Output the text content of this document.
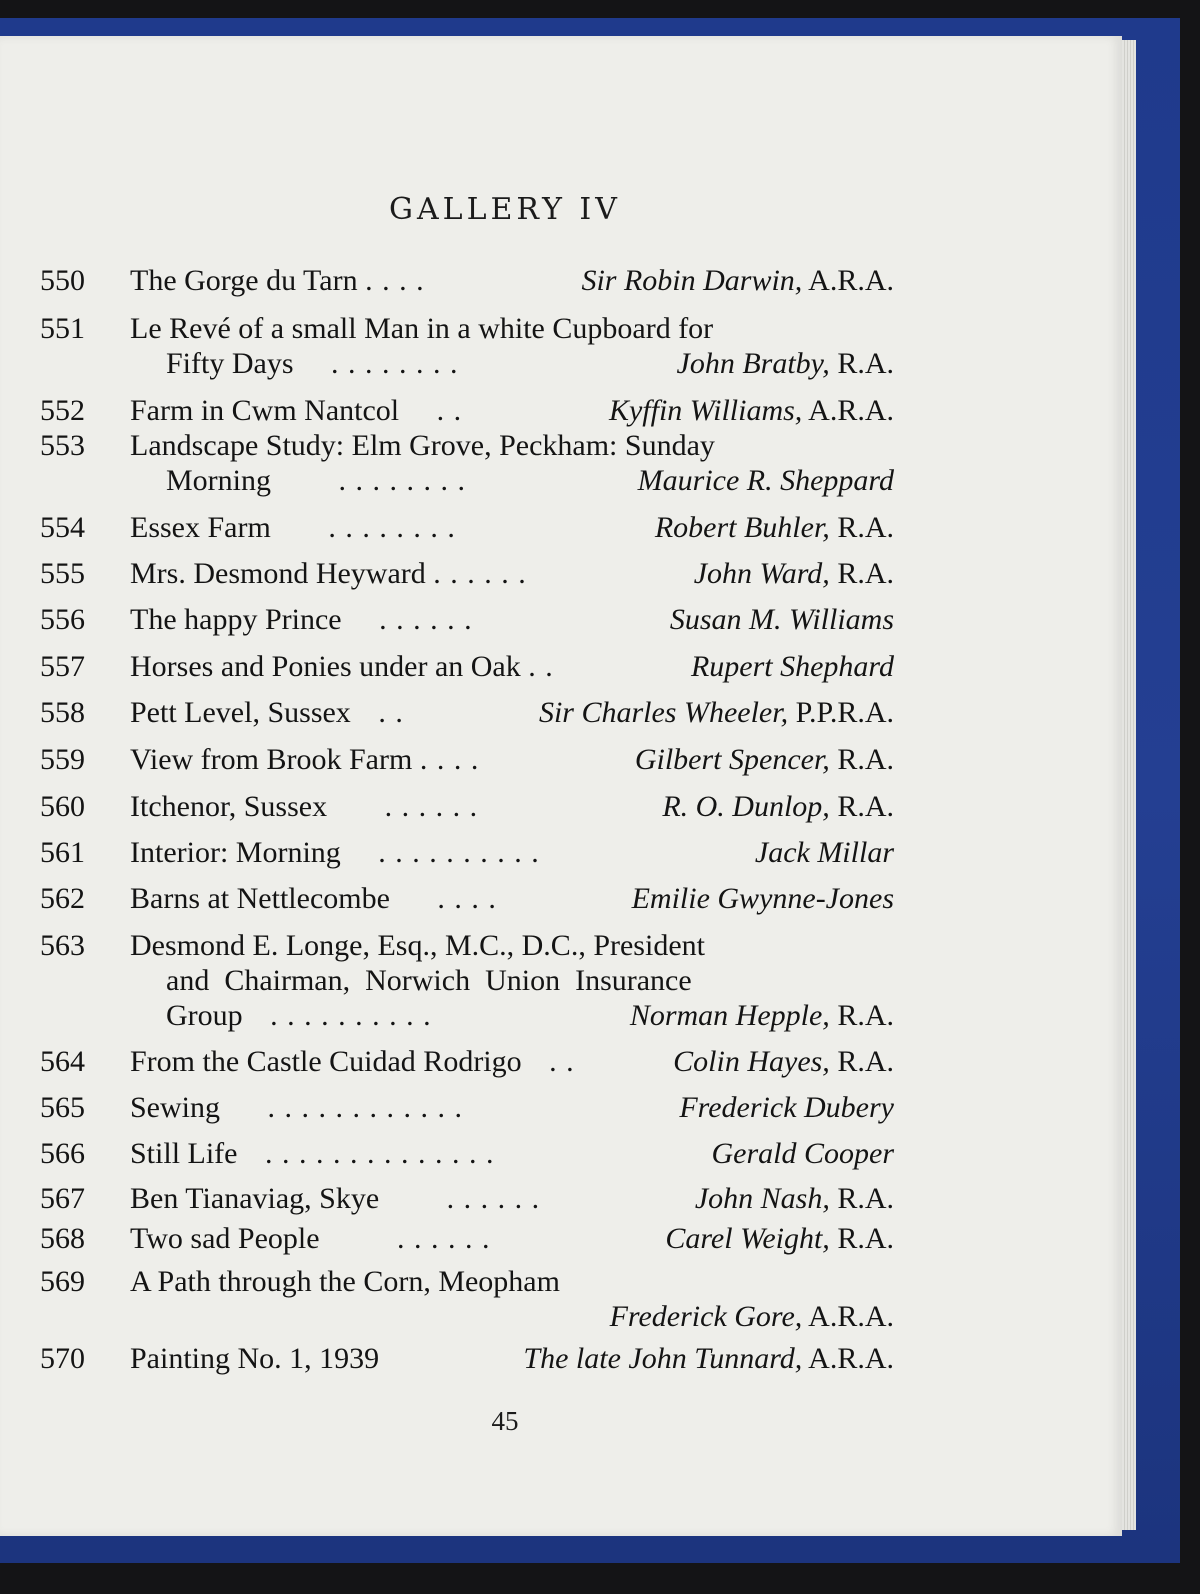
GALLERY IV
550 The Gorge du Tarn . . . .	Sir Robin Darwin, A.R.A.
551 Le Revé of a small Man in a white Cupboard for
Fifty Days . . . . . . . .	John Bratby, R.A.
552 Farm in Cwm Nantcol . .	Kyffin Williams, A.R.A.
553 Landscape Study: Elm Grove, Peckham: Sunday
Morning . . . . . . . .	Maurice R. Sheppard
554 Essex Farm . . . . . . . .	Robert Buhler, R.A.
555 Mrs. Desmond Heyward . . . . . .	John Ward, R.A.
556 The happy Prince . . . . . .	Susan M. Williams
557 Horses and Ponies under an Oak . .	Rupert Shephard
558 Pett Level, Sussex . .	Sir Charles Wheeler, P.P.R.A.
559 View from Brook Farm . . . .	Gilbert Spencer, R.A.
560 Itchenor, Sussex . . . . . .	R. O. Dunlop, R.A.
561 Interior: Morning . . . . . . . . . .	Jack Millar
562 Barns at Nettlecombe . . . .	Emilie Gwynne-Jones
563 Desmond E. Longe, Esq., M.C., D.C., President
and  Chairman,  Norwich  Union  Insurance
Group . . . . . . . . . .	Norman Hepple, R.A.
564 From the Castle Cuidad Rodrigo . .	Colin Hayes, R.A.
565 Sewing . . . . . . . . . . . .	Frederick Dubery
566 Still Life . . . . . . . . . . . . . .	Gerald Cooper
567 Ben Tianaviag, Skye . . . . . .	John Nash, R.A.
568 Two sad People	. . . . . .	Carel Weight, R.A.
569 A Path through the Corn, Meopham
Frederick Gore, A.R.A.
570 Painting No. 1, 1939	The late John Tunnard, A.R.A.
45
